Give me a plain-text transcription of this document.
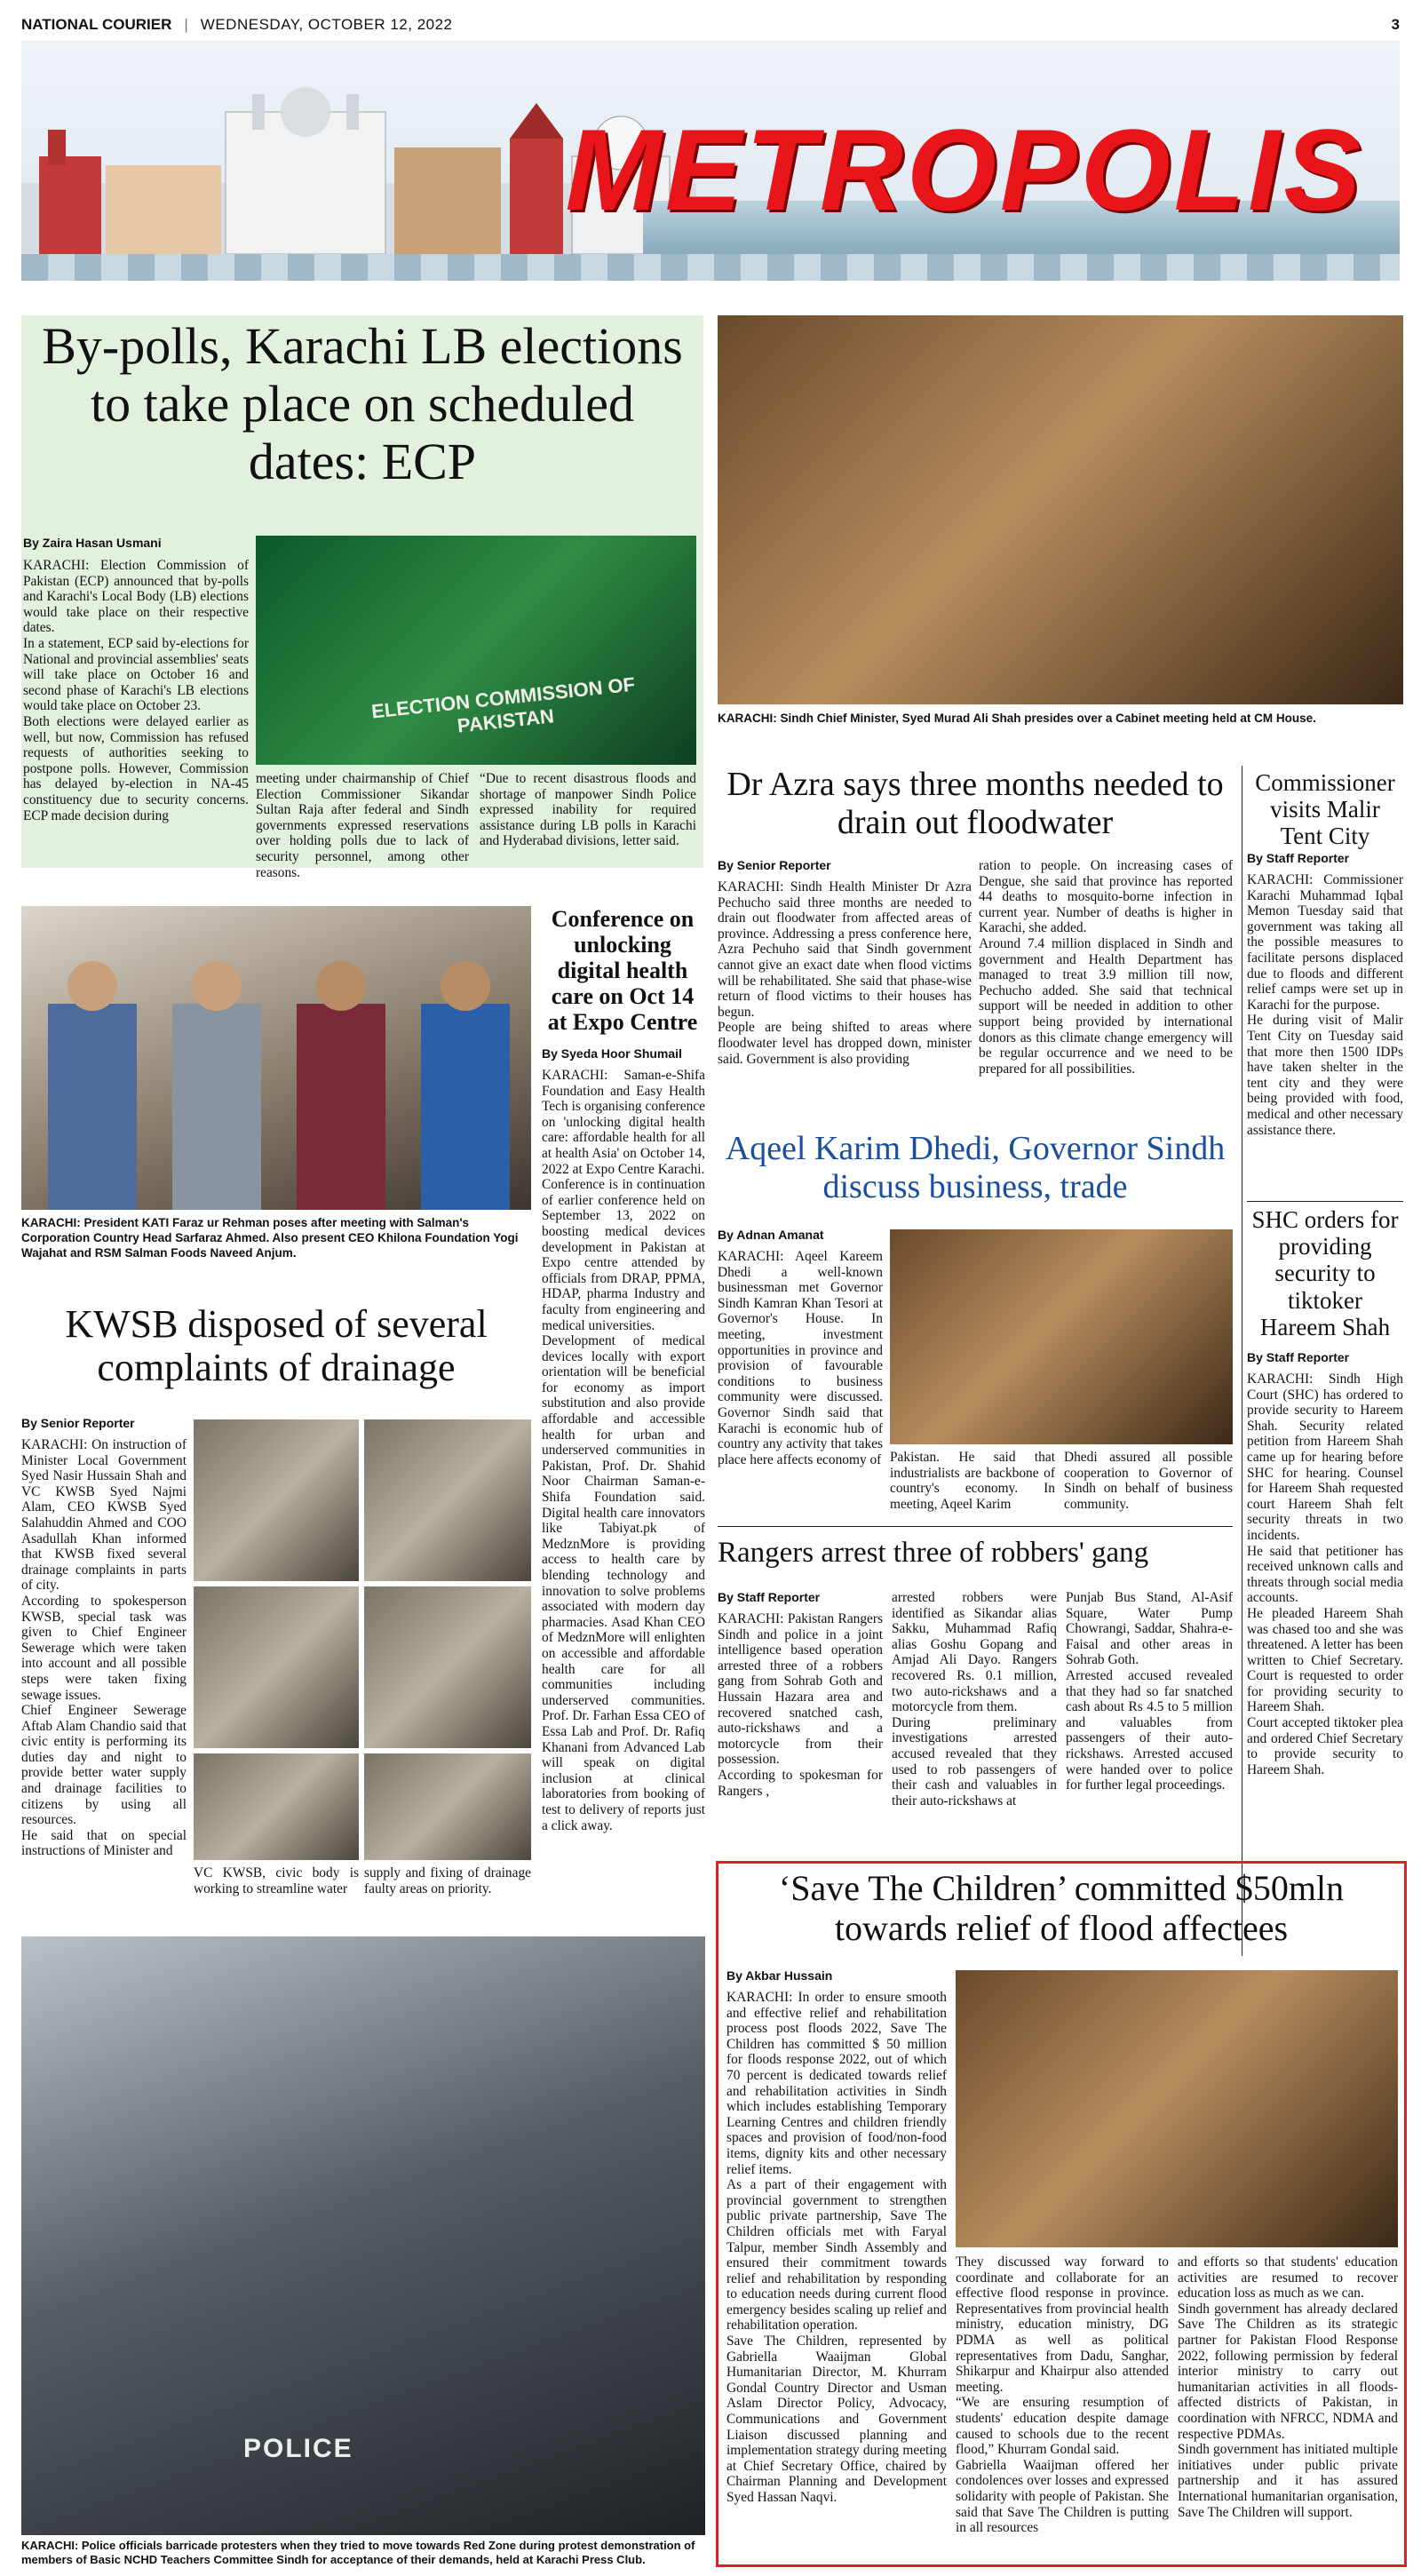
NATIONAL COURIER | WEDNESDAY, OCTOBER 12, 2022	3
METROPOLIS
By-polls, Karachi LB elections to take place on scheduled dates: ECP
By Zaira Hasan Usmani
KARACHI: Election Commission of Pakistan (ECP) announced that by-polls and Karachi's Local Body (LB) elections would take place on their respective dates.
In a statement, ECP said by-elections for National and provincial assemblies' seats will take place on October 16 and second phase of Karachi's LB elections would take place on October 23.
Both elections were delayed earlier as well, but now, Commission has refused requests of authorities seeking to postpone polls. However, Commission has delayed by-election in NA-45 constituency due to security concerns. ECP made decision during
ELECTION COMMISSION OF PAKISTAN
meeting under chairmanship of Chief Election Commissioner Sikandar Sultan Raja after federal and Sindh governments expressed reservations over holding polls due to lack of security personnel, among other reasons.
“Due to recent disastrous floods and shortage of manpower Sindh Police expressed inability for required assistance during LB polls in Karachi and Hyderabad divisions, letter said.
KARACHI: Sindh Chief Minister, Syed Murad Ali Shah presides over a Cabinet meeting held at CM House.
Dr Azra says three months needed to drain out floodwater
By Senior Reporter
KARACHI: Sindh Health Minister Dr Azra Pechucho said three months are needed to drain out floodwater from affected areas of province. Addressing a press conference here, Azra Pechuho said that Sindh government cannot give an exact date when flood victims will be rehabilitated. She said that phase-wise return of flood victims to their houses has begun.
People are being shifted to areas where floodwater level has dropped down, minister said. Government is also providing
ration to people. On increasing cases of Dengue, she said that province has reported 44 deaths to mosquito-borne infection in current year. Number of deaths is higher in Karachi, she added.
Around 7.4 million displaced in Sindh and government and Health Department has managed to treat 3.9 million till now, Pechucho added. She said that technical support will be needed in addition to other support being provided by international donors as this climate change emergency will be regular occurrence and we need to be prepared for all possibilities.
Commissioner visits Malir Tent City
By Staff Reporter
KARACHI: Commissioner Karachi Muhammad Iqbal Memon Tuesday said that government was taking all the possible measures to facilitate persons displaced due to floods and different relief camps were set up in Karachi for the purpose.
He during visit of Malir Tent City on Tuesday said that more then 1500 IDPs have taken shelter in the tent city and they were being provided with food, medical and other necessary assistance there.
SHC orders for providing security to tiktoker Hareem Shah
By Staff Reporter
KARACHI: Sindh High Court (SHC) has ordered to provide security to Hareem Shah. Security related petition from Hareem Shah came up for hearing before SHC for hearing. Counsel for Hareem Shah requested court Hareem Shah felt security threats in two incidents.
He said that petitioner has received unknown calls and threats through social media accounts.
He pleaded Hareem Shah was chased too and she was threatened. A letter has been written to Chief Secretary. Court is requested to order for providing security to Hareem Shah.
Court accepted tiktoker plea and ordered Chief Secretary to provide security to Hareem Shah.
KARACHI: President KATI Faraz ur Rehman poses after meeting with Salman's Corporation Country Head Sarfaraz Ahmed. Also present CEO Khilona Foundation Yogi Wajahat and RSM Salman Foods Naveed Anjum.
Conference on unlocking digital health care on Oct 14 at Expo Centre
By Syeda Hoor Shumail
KARACHI: Saman-e-Shifa Foundation and Easy Health Tech is organising conference on 'unlocking digital health care: affordable health for all at health Asia' on October 14, 2022 at Expo Centre Karachi.
Conference is in continuation of earlier conference held on September 13, 2022 on boosting medical devices development in Pakistan at Expo centre attended by officials from DRAP, PPMA, HDAP, pharma Industry and faculty from engineering and medical universities.
Development of medical devices locally with export orientation will be beneficial for economy as import substitution and also provide affordable and accessible health for urban and underserved communities in Pakistan, Prof. Dr. Shahid Noor Chairman Saman-e-Shifa Foundation said. Digital health care innovators like Tabiyat.pk of MedznMore is providing access to health care by blending technology and innovation to solve problems associated with modern day pharmacies. Asad Khan CEO of MedznMore will enlighten on accessible and affordable health care for all communities including underserved communities. Prof. Dr. Farhan Essa CEO of Essa Lab and Prof. Dr. Rafiq Khanani from Advanced Lab will speak on digital inclusion at clinical laboratories from booking of test to delivery of reports just a click away.
KWSB disposed of several complaints of drainage
By Senior Reporter
KARACHI: On instruction of Minister Local Government Syed Nasir Hussain Shah and VC KWSB Syed Najmi Alam, CEO KWSB Syed Salahuddin Ahmed and COO Asadullah Khan informed that KWSB fixed several drainage complaints in parts of city.
According to spokesperson KWSB, special task was given to Chief Engineer Sewerage which were taken into account and all possible steps were taken fixing sewage issues.
Chief Engineer Sewerage Aftab Alam Chandio said that civic entity is performing its duties day and night to provide better water supply and drainage facilities to citizens by using all resources.
He said that on special instructions of Minister and
VC KWSB, civic body is working to streamline water
supply and fixing of drainage faulty areas on priority.
Aqeel Karim Dhedi, Governor Sindh discuss business, trade
By Adnan Amanat
KARACHI: Aqeel Kareem Dhedi a well-known businessman met Governor Sindh Kamran Khan Tesori at Governor's House. In meeting, investment opportunities in province and provision of favourable conditions to business community were discussed. Governor Sindh said that Karachi is economic hub of country any activity that takes place here affects economy of Pakistan. He said that industrialists are backbone of country's economy. In meeting, Aqeel Karim
Dhedi assured all possible cooperation to Governor of Sindh on behalf of business community.
Rangers arrest three of robbers' gang
By Staff Reporter
KARACHI: Pakistan Rangers Sindh and police in a joint intelligence based operation arrested three of a robbers gang from Sohrab Goth and Hussain Hazara area and recovered snatched cash, auto-rickshaws and a motorcycle from their possession.
According to spokesman for Rangers ,
arrested robbers were identified as Sikandar alias Sakku, Muhammad Rafiq alias Goshu Gopang and Amjad Ali Dayo. Rangers recovered Rs. 0.1 million, two auto-rickshaws and a motorcycle from them.
During preliminary investigations arrested accused revealed that they used to rob passengers of their cash and valuables in their auto-rickshaws at
Punjab Bus Stand, Al-Asif Square, Water Pump Chowrangi, Saddar, Shahra-e-Faisal and other areas in Sohrab Goth.
Arrested accused revealed that they had so far snatched cash about Rs 4.5 to 5 million and valuables from passengers of their auto-rickshaws. Arrested accused were handed over to police for further legal proceedings.
POLICE
KARACHI: Police officials barricade protesters when they tried to move towards Red Zone during protest demonstration of members of Basic NCHD Teachers Committee Sindh for acceptance of their demands, held at Karachi Press Club.
‘Save The Children’ committed $50mln towards relief of flood affectees
By Akbar Hussain
KARACHI: In order to ensure smooth and effective relief and rehabilitation process post floods 2022, Save The Children has committed $ 50 million for floods response 2022, out of which 70 percent is dedicated towards relief and rehabilitation activities in Sindh which includes establishing Temporary Learning Centres and children friendly spaces and provision of food/non-food items, dignity kits and other necessary relief items.
As a part of their engagement with provincial government to strengthen public private partnership, Save The Children officials met with Faryal Talpur, member Sindh Assembly and ensured their commitment towards relief and rehabilitation by responding to education needs during current flood emergency besides scaling up relief and rehabilitation operation.
Save The Children, represented by Gabriella Waaijman Global Humanitarian Director, M. Khurram Gondal Country Director and Usman Aslam Director Policy, Advocacy, Communications and Government Liaison discussed planning and implementation strategy during meeting at Chief Secretary Office, chaired by Chairman Planning and Development Syed Hassan Naqvi.
They discussed way forward to coordinate and collaborate for an effective flood response in province. Representatives from provincial health ministry, education ministry, DG PDMA as well as political representatives from Dadu, Sanghar, Shikarpur and Khairpur also attended meeting.
“We are ensuring resumption of students' education despite damage caused to schools due to the recent flood,” Khurram Gondal said.
Gabriella Waaijman offered her condolences over losses and expressed solidarity with people of Pakistan. She said that Save The Children is putting in all resources
and efforts so that students' education activities are resumed to recover education loss as much as we can.
Sindh government has already declared Save The Children as its strategic partner for Pakistan Flood Response 2022, following permission by federal interior ministry to carry out humanitarian activities in all floods-affected districts of Pakistan, in coordination with NFRCC, NDMA and respective PDMAs.
Sindh government has initiated multiple initiatives under public private partnership and it has assured International humanitarian organisation, Save The Children will support.
